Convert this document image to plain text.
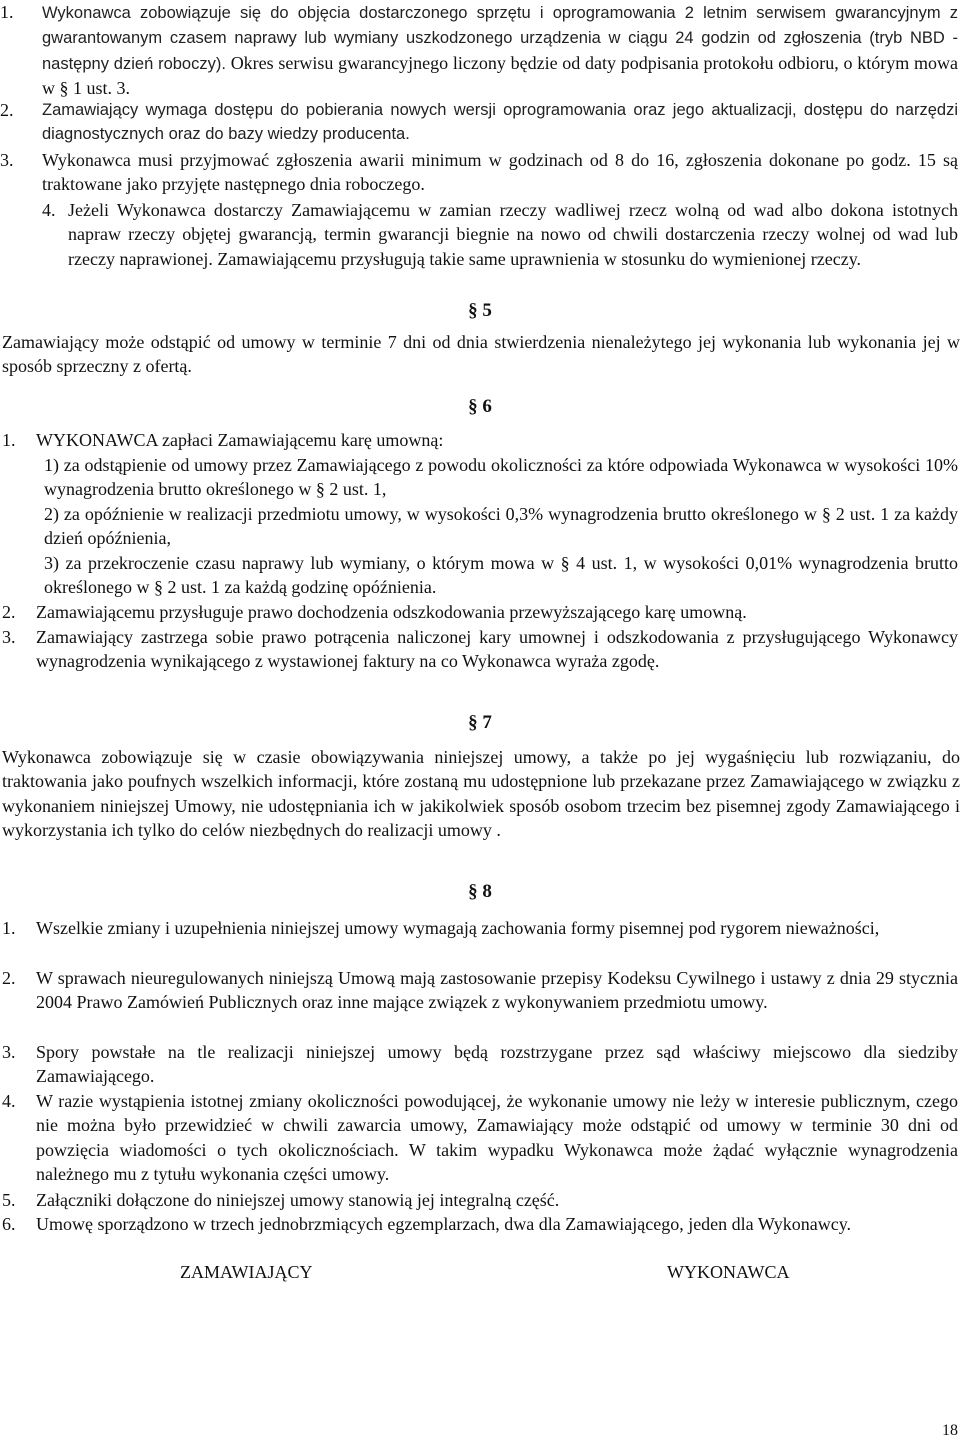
1. Wykonawca zobowiązuje się do objęcia dostarczonego sprzętu i oprogramowania 2 letnim serwisem gwarancyjnym z gwarantowanym czasem naprawy lub wymiany uszkodzonego urządzenia w ciągu 24 godzin od zgłoszenia (tryb NBD - następny dzień roboczy). Okres serwisu gwarancyjnego liczony będzie od daty podpisania protokołu odbioru, o którym mowa w § 1 ust. 3.
2. Zamawiający wymaga dostępu do pobierania nowych wersji oprogramowania oraz jego aktualizacji, dostępu do narzędzi diagnostycznych oraz do bazy wiedzy producenta.
3. Wykonawca musi przyjmować zgłoszenia awarii minimum w godzinach od 8 do 16, zgłoszenia dokonane po godz. 15 są traktowane jako przyjęte następnego dnia roboczego.
4. Jeżeli Wykonawca dostarczy Zamawiającemu w zamian rzeczy wadliwej rzecz wolną od wad albo dokona istotnych napraw rzeczy objętej gwarancją, termin gwarancji biegnie na nowo od chwili dostarczenia rzeczy wolnej od wad lub rzeczy naprawionej. Zamawiającemu przysługują takie same uprawnienia w stosunku do wymienionej rzeczy.
§ 5
Zamawiający może odstąpić od umowy w terminie 7 dni od dnia stwierdzenia nienależytego jej wykonania lub wykonania jej w sposób sprzeczny z ofertą.
§ 6
1. WYKONAWCA zapłaci Zamawiającemu karę umowną:
1) za odstąpienie od umowy przez Zamawiającego z powodu okoliczności za które odpowiada Wykonawca w wysokości 10% wynagrodzenia brutto określonego w § 2 ust. 1,
2) za opóźnienie w realizacji przedmiotu umowy, w wysokości 0,3% wynagrodzenia brutto określonego w § 2 ust. 1 za każdy dzień opóźnienia,
3) za przekroczenie czasu naprawy lub wymiany, o którym mowa w § 4 ust. 1, w wysokości 0,01% wynagrodzenia brutto określonego w § 2 ust. 1 za każdą godzinę opóźnienia.
2. Zamawiającemu przysługuje prawo dochodzenia odszkodowania przewyższającego karę umowną.
3. Zamawiający zastrzega sobie prawo potrącenia naliczonej kary umownej i odszkodowania z przysługującego Wykonawcy wynagrodzenia wynikającego z wystawionej faktury na co Wykonawca wyraża zgodę.
§ 7
Wykonawca zobowiązuje się w czasie obowiązywania niniejszej umowy, a także po jej wygaśnięciu lub rozwiązaniu, do traktowania jako poufnych wszelkich informacji, które zostaną mu udostępnione lub przekazane przez Zamawiającego w związku z wykonaniem niniejszej Umowy, nie udostępniania ich w jakikolwiek sposób osobom trzecim bez pisemnej zgody Zamawiającego i wykorzystania ich tylko do celów niezbędnych do realizacji umowy .
§ 8
1. Wszelkie zmiany i uzupełnienia niniejszej umowy wymagają zachowania formy pisemnej pod rygorem nieważności,
2. W sprawach nieuregulowanych niniejszą Umową mają zastosowanie przepisy Kodeksu Cywilnego i ustawy z dnia 29 stycznia 2004 Prawo Zamówień Publicznych oraz inne mające związek z wykonywaniem przedmiotu umowy.
3. Spory powstałe na tle realizacji niniejszej umowy będą rozstrzygane przez sąd właściwy miejscowo dla siedziby Zamawiającego.
4. W razie wystąpienia istotnej zmiany okoliczności powodującej, że wykonanie umowy nie leży w interesie publicznym, czego nie można było przewidzieć w chwili zawarcia umowy, Zamawiający może odstąpić od umowy w terminie 30 dni od powzięcia wiadomości o tych okolicznościach. W takim wypadku Wykonawca może żądać wyłącznie wynagrodzenia należnego mu z tytułu wykonania części umowy.
5. Załączniki dołączone do niniejszej umowy stanowią jej integralną część.
6. Umowę sporządzono w trzech jednobrzmiących egzemplarzach, dwa dla Zamawiającego, jeden dla Wykonawcy.
ZAMAWIAJĄCY	WYKONAWCA
18
